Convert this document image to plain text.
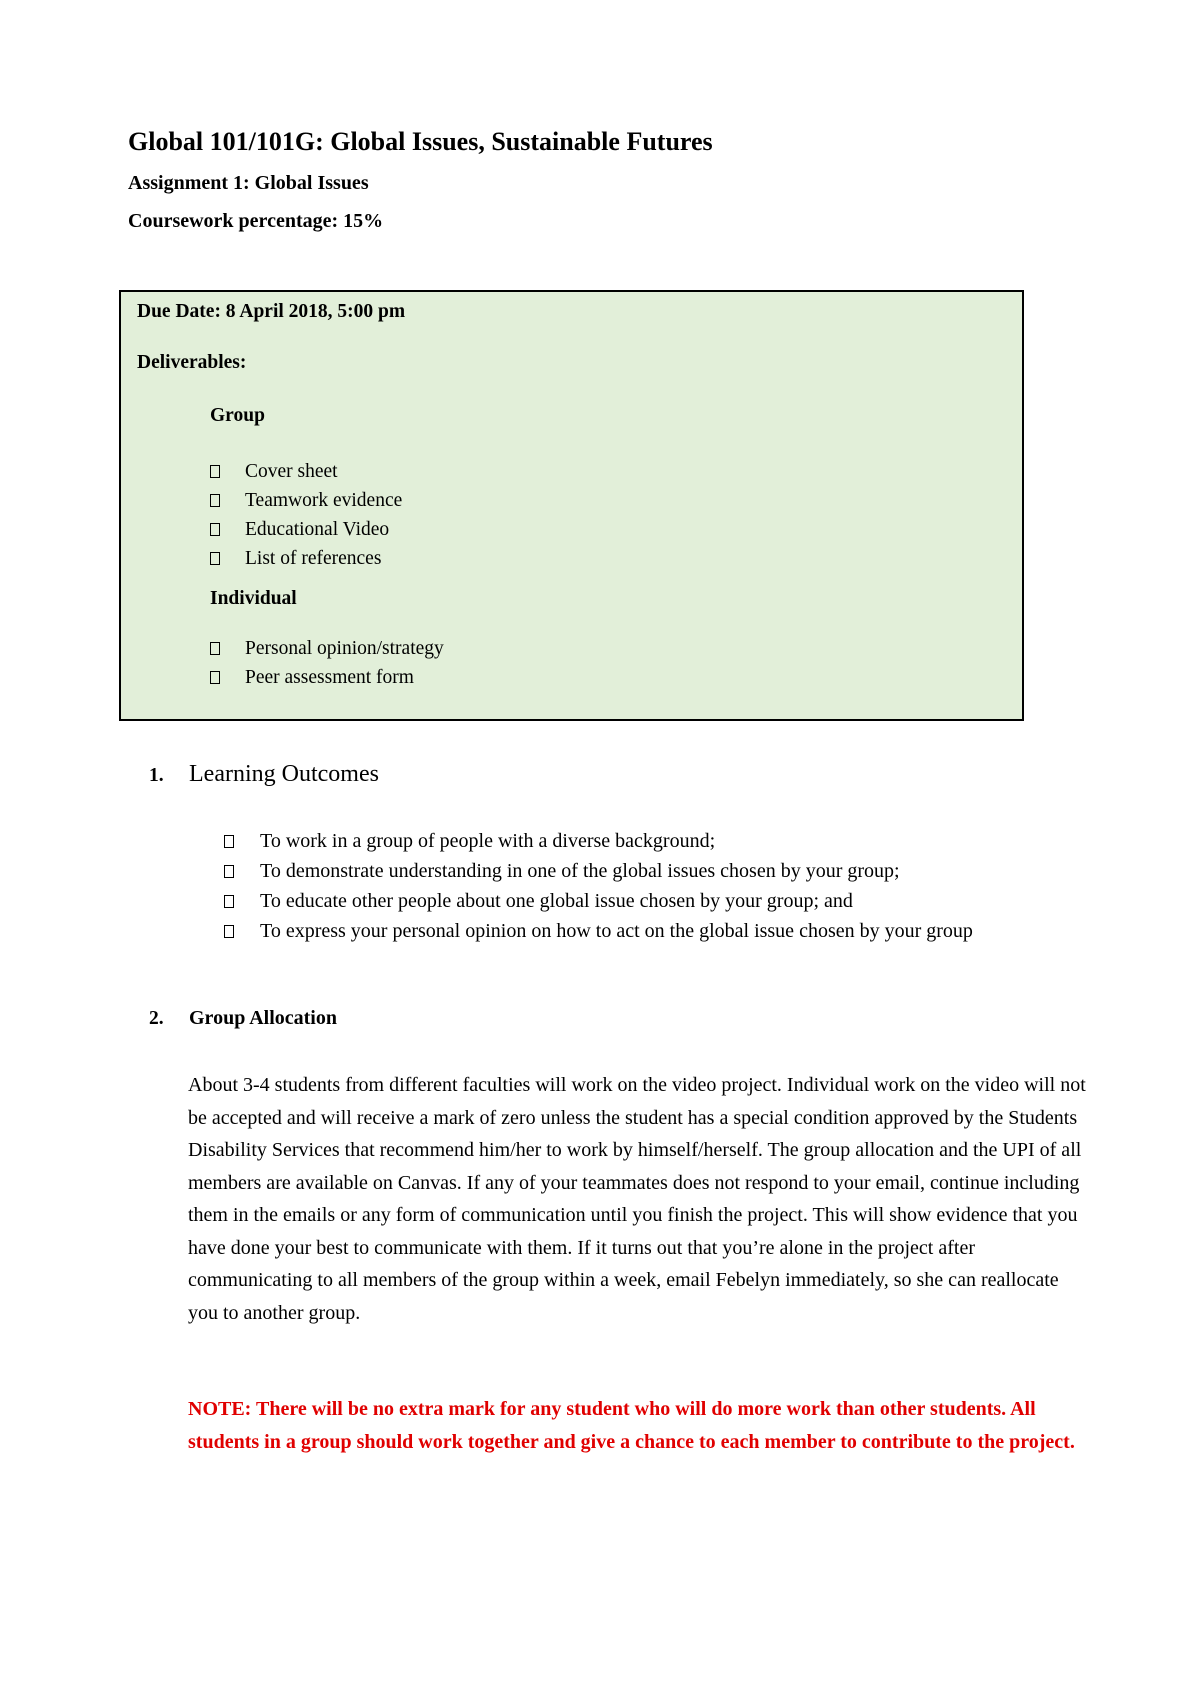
Global 101/101G: Global Issues, Sustainable Futures
Assignment 1: Global Issues
Coursework percentage: 15%
Due Date: 8 April 2018, 5:00 pm
Deliverables:
Group
Cover sheet
Teamwork evidence
Educational Video
List of references
Individual
Personal opinion/strategy
Peer assessment form
1.	Learning Outcomes
To work in a group of people with a diverse background;
To demonstrate understanding in one of the global issues chosen by your group;
To educate other people about one global issue chosen by your group; and
To express your personal opinion on how to act on the global issue chosen by your group
2.	Group Allocation

About 3-4 students from different faculties will work on the video project. Individual work on the video will not be accepted and will receive a mark of zero unless the student has a special condition approved by the Students Disability Services that recommend him/her to work by himself/herself. The group allocation and the UPI of all members are available on Canvas. If any of your teammates does not respond to your email, continue including them in the emails or any form of communication until you finish the project. This will show evidence that you have done your best to communicate with them. If it turns out that you’re alone in the project after communicating to all members of the group within a week, email Febelyn immediately, so she can reallocate you to another group.

NOTE: There will be no extra mark for any student who will do more work than other students. All students in a group should work together and give a chance to each member to contribute to the project.
